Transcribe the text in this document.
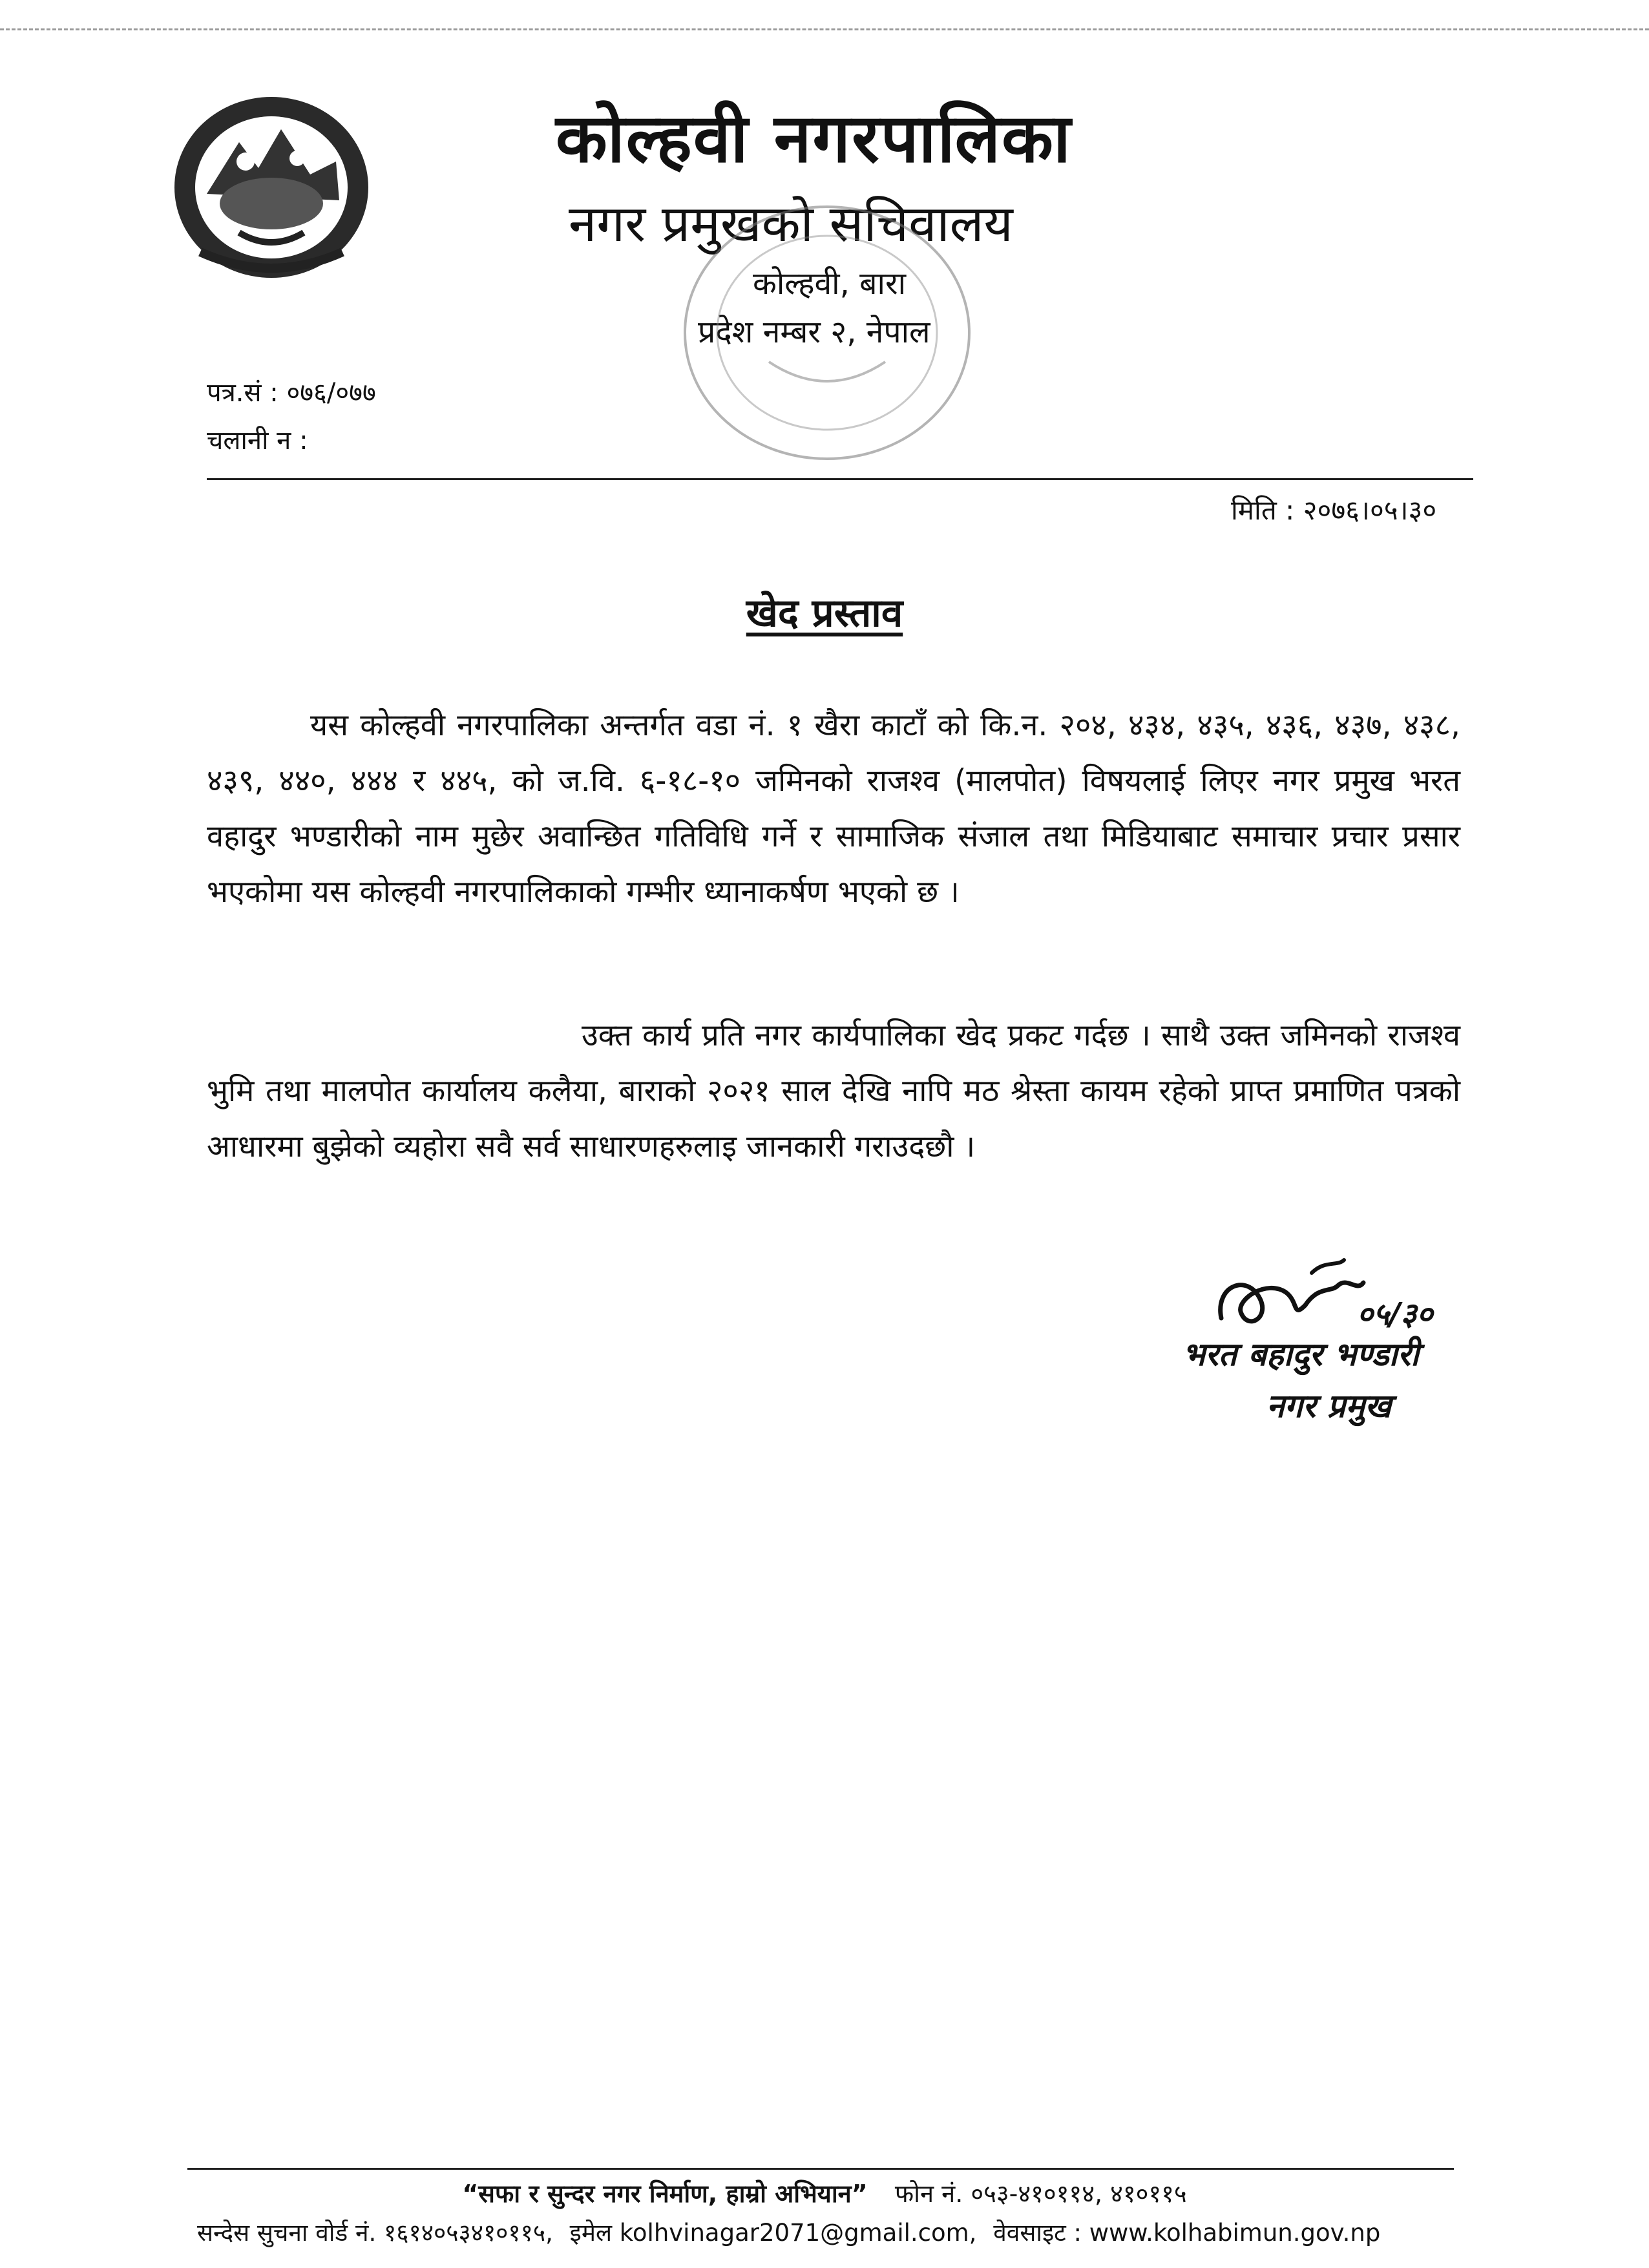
कोल्हवी नगरपालिका
नगर प्रमुखको सचिवालय
कोल्हवी, बारा
प्रदेश नम्बर २, नेपाल
पत्र.सं : ०७६/०७७
चलानी न :
मिति : २०७६।०५।३०
खेद प्रस्ताव
यस कोल्हवी नगरपालिका अन्तर्गत वडा नं. १ खैरा काटाँ को कि.न. २०४, ४३४, ४३५, ४३६, ४३७, ४३८, ४३९, ४४०, ४४४ र ४४५, को ज.वि. ६-१८-१० जमिनको राजश्व (मालपोत) विषयलाई लिएर नगर प्रमुख भरत वहादुर भण्डारीको नाम मुछेर अवान्छित गतिविधि गर्ने र सामाजिक संजाल तथा मिडियाबाट समाचार प्रचार प्रसार भएकोमा यस कोल्हवी नगरपालिकाको गम्भीर ध्यानाकर्षण भएको छ ।
उक्त कार्य प्रति नगर कार्यपालिका खेद प्रकट गर्दछ । साथै उक्त जमिनको राजश्व भुमि तथा मालपोत कार्यालय कलैया, बाराको २०२१ साल देखि नापि मठ श्रेस्ता कायम रहेको प्राप्त प्रमाणित पत्रको आधारमा बुझेको व्यहोरा सवै सर्व साधारणहरुलाइ जानकारी गराउदछौ ।
०५/३०
भरत बहादुर भण्डारी
नगर प्रमुख
“सफा र सुन्दर नगर निर्माण, हाम्रो अभियान” फोन नं. ०५३-४१०११४, ४१०११५
सन्देस सुचना वोर्ड नं. १६१४०५३४१०११५, इमेल kolhvinagar2071@gmail.com, वेवसाइट : www.kolhabimun.gov.np
